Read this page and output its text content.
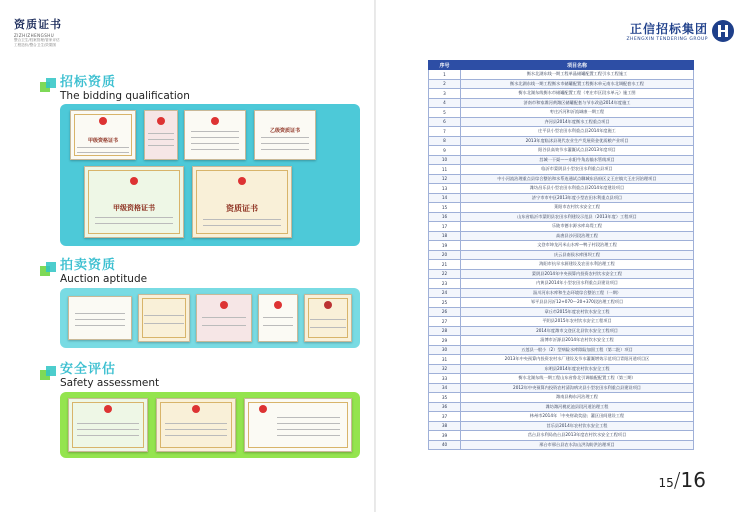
资质证书
ZIZHIZHENGSHU
整合卫生/档案管理/管家评估
工程造价/整合卫生/效果图
正信招标集团
ZHENGXIN TENDERING GROUP
招标资质
The bidding qualification
甲级资格证书
乙级资质证书
甲级资格证书	资质证书
拍卖资质
Auction aptitude
安全评估
Safety assessment
序号	项目名称
1	衡水北湖东线一期工程单晶储罐配置工程引水工程施工
2	衡水北湖东线一期工程衡水市储罐配置工程衡水单元南水北调配套水工程
3	衡水北湖东线衡水市储罐配置工程（枣庄市区段水单元）施工图
4	济南市和家潍河黄潍区储罐配套与节水改造2014年度施工
5	枣庄沂河和沂流域康一期工程
6	齐河县2014年度衡水工程重点项目
7	庄平县小型农田水利重点县2014年度施工
8	2013年度临沭县现代农业生产发展资金优质粮产业项目
9	阳谷县高效节水灌溉试点县2013年度项目
10	莒城一干渠——东阳牛角店输水管线项目
11	临沂市蒙阴县小型农田水利重点县项目
12	中小河流治理重点县综合整治和水系连通试点聊城东昌府区义王庄镇大王庄河治理项目
13	潍坊昌乐县小型农田水利重点县2014年度建设项目
14	济宁市市中区2013年度小型农田水利重点县项目
15	莱阳市农村饮水安全工程
16	山东省临沂市蒙阴县农田水利建设示范县（2013年度）工程项目
17	乐陵市德丰源水库岛堤工程
18	高唐县沙河段治理工程
19	文登市坤龙河米山水库—鸭子村段治理工程
20	庆云县南侯水库围坝工程
21	海阳市抗旱水源建设及农田水利治理工程
22	蒙阴县2014年中央预算内投资农村饮水安全工程
23	内黄县2014年小型农田水利重点县建设项目
24	淄川河东水库和生态环境综合整治工程（一期）
25	邹平县县河沂12+070～20+370段治理工程项目
26	章丘市2015年度农村饮水安全工程
27	平阴县2015年农村饮水安全工程项目
28	2014年度潍市文登区北县饮水安全工程项目
29	淄博市沂源县2014年农村饮水安全工程
30	五莲县一般小（2）型病险水库除险加固工程（第二批）项目
31	2013年中央预算内投资农村水厂建设及节水灌溉增效示范项目青阳河道项目区
32	东明县2014年度农村饮水安全工程
33	衡水北湖东线一期工程山东省鲁北引调输配配置工程（第三期）
34	2012年中央预算内投资农村清沟病灾县小型农田水利重点县建设项目
35	潍南县梅东河治理工程
36	潍坊潍河桃花池县段河道治理工程
37	林州市2014年「中央财政奖励」灌区田间建设工程
38	莒乐县2014年农村饮水安全工程
39	莒台县水利局鱼台县2013年度农村饮水安全工程项目
40	邢台市邢台县农水沟山洪沟防洪治理项目
15/16
